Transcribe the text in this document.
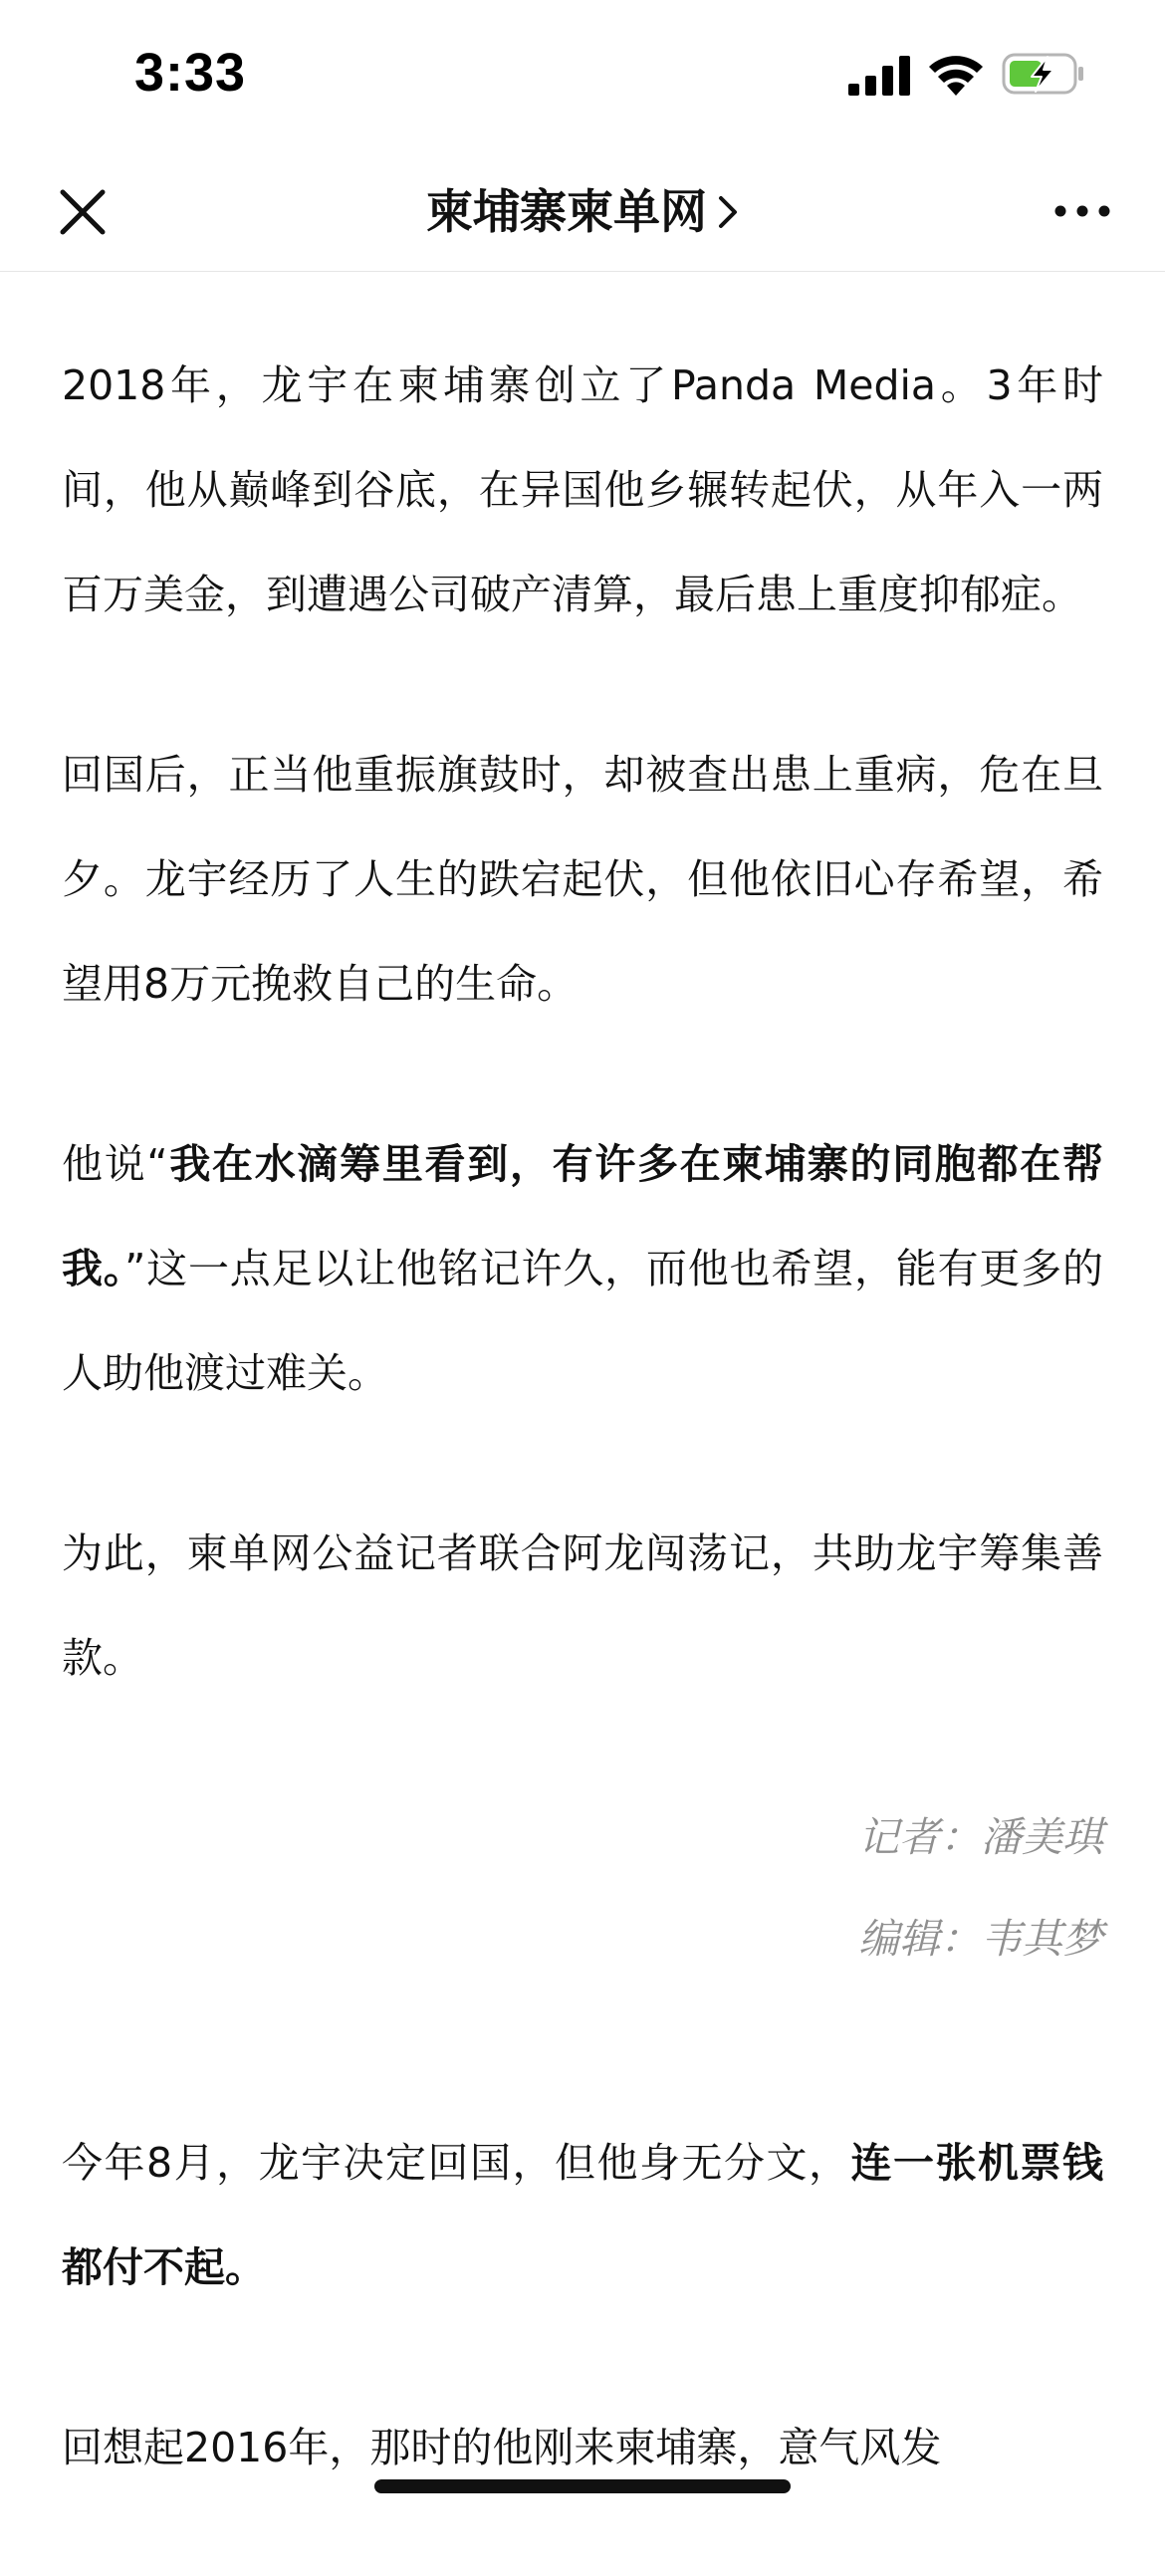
3:33
柬埔寨柬单网

2018年，龙宇在柬埔寨创立了Panda Media。3年时间，他从巅峰到谷底，在异国他乡辗转起伏，从年入一两百万美金，到遭遇公司破产清算，最后患上重度抑郁症。

回国后，正当他重振旗鼓时，却被查出患上重病，危在旦夕。龙宇经历了人生的跌宕起伏，但他依旧心存希望，希望用8万元挽救自己的生命。

他说“我在水滴筹里看到，有许多在柬埔寨的同胞都在帮我。”这一点足以让他铭记许久，而他也希望，能有更多的人助他渡过难关。

为此，柬单网公益记者联合阿龙闯荡记，共助龙宇筹集善款。

记者：潘美琪
编辑：韦其梦

今年8月，龙宇决定回国，但他身无分文，连一张机票钱都付不起。

回想起2016年，那时的他刚来柬埔寨，意气风发
